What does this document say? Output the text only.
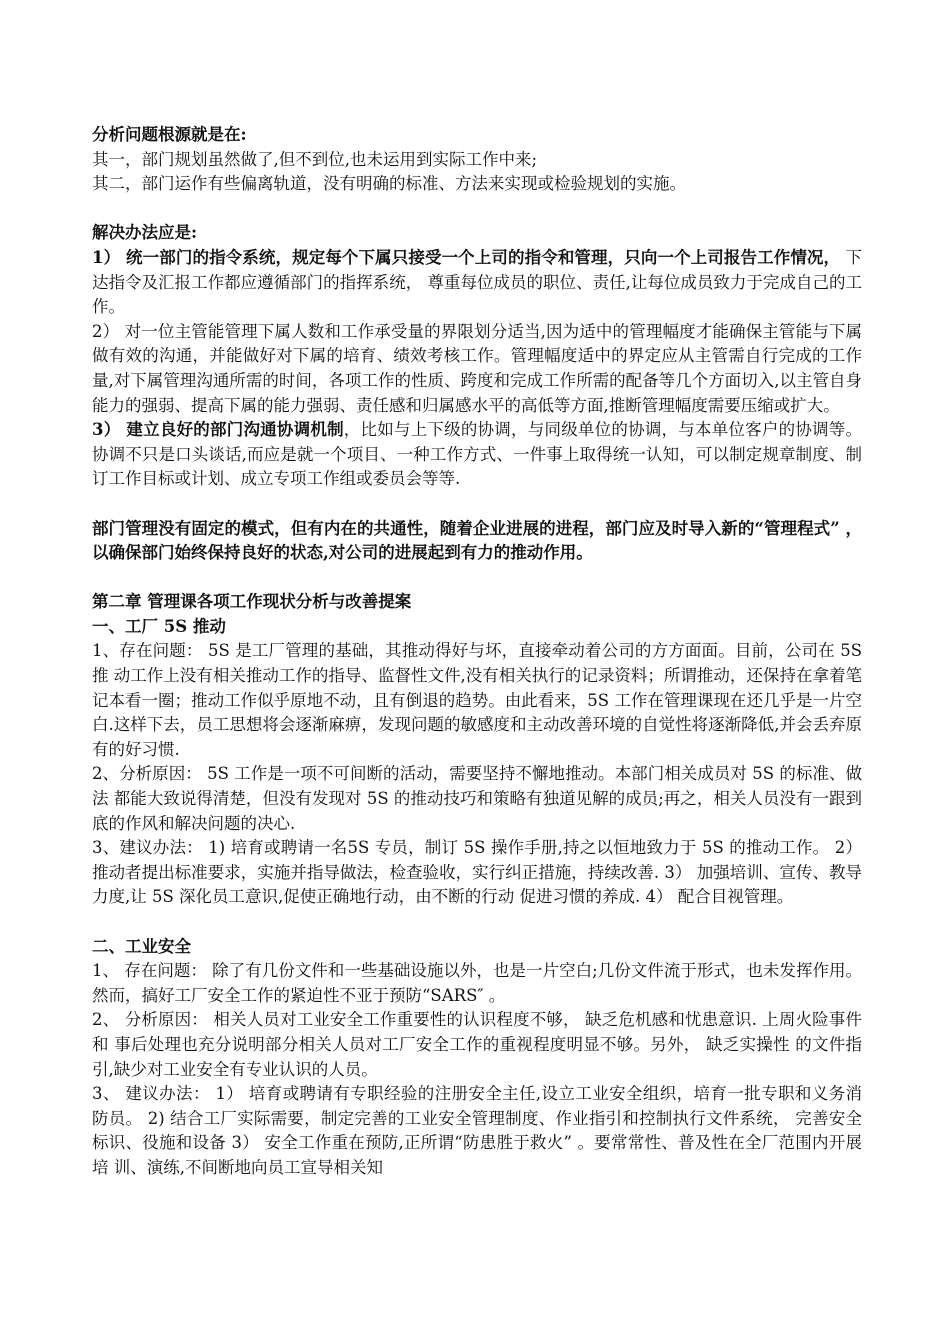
分析问题根源就是在:

其一，部门规划虽然做了,但不到位,也未运用到实际工作中来;

其二，部门运作有些偏离轨道，没有明确的标准、方法来实现或检验规划的实施。

解决办法应是:

1） 统一部门的指令系统，规定每个下属只接受一个上司的指令和管理，只向一个上司报告工作情况， 下达指令及汇报工作都应遵循部门的指挥系统， 尊重每位成员的职位、责任,让每位成员致力于完成自己的工作。

2） 对一位主管能管理下属人数和工作承受量的界限划分适当,因为适中的管理幅度才能确保主管能与下属做有效的沟通，并能做好对下属的培育、绩效考核工作。管理幅度适中的界定应从主管需自行完成的工作量,对下属管理沟通所需的时间，各项工作的性质、跨度和完成工作所需的配备等几个方面切入,以主管自身能力的强弱、提高下属的能力强弱、责任感和归属感水平的高低等方面,推断管理幅度需要压缩或扩大。

3） 建立良好的部门沟通协调机制，比如与上下级的协调，与同级单位的协调，与本单位客户的协调等。协调不只是口头谈话,而应是就一个项目、一种工作方式、一件事上取得统一认知，可以制定规章制度、制订工作目标或计划、成立专项工作组或委员会等等.

部门管理没有固定的模式，但有内在的共通性，随着企业进展的进程，部门应及时导入新的“管理程式” ，以确保部门始终保持良好的状态,对公司的进展起到有力的推动作用。

第二章 管理课各项工作现状分析与改善提案

一、工厂 5S 推动

1、存在问题： 5S 是工厂管理的基础，其推动得好与坏，直接牵动着公司的方方面面。目前，公司在 5S 推 动工作上没有相关推动工作的指导、监督性文件,没有相关执行的记录资料；所谓推动，还保持在拿着笔记本看一圈；推动工作似乎原地不动，且有倒退的趋势。由此看来，5S 工作在管理课现在还几乎是一片空白.这样下去，员工思想将会逐渐麻痹，发现问题的敏感度和主动改善环境的自觉性将逐渐降低,并会丢弃原有的好习惯.

2、分析原因： 5S 工作是一项不可间断的活动，需要坚持不懈地推动。本部门相关成员对 5S 的标准、做法 都能大致说得清楚，但没有发现对 5S 的推动技巧和策略有独道见解的成员;再之，相关人员没有一跟到底的作风和解决问题的决心.

3、建议办法： 1) 培育或聘请一名5S 专员，制订 5S 操作手册,持之以恒地致力于 5S 的推动工作。 2） 推动者提出标准要求，实施并指导做法，检查验收，实行纠正措施，持续改善. 3） 加强培训、宣传、教导力度,让 5S 深化员工意识,促使正确地行动，由不断的行动 促进习惯的养成. 4） 配合目视管理。

二、工业安全

1、 存在问题： 除了有几份文件和一些基础设施以外，也是一片空白;几份文件流于形式，也未发挥作用。 然而，搞好工厂安全工作的紧迫性不亚于预防“SARS″ 。

2、 分析原因： 相关人员对工业安全工作重要性的认识程度不够， 缺乏危机感和忧患意识. 上周火险事件和 事后处理也充分说明部分相关人员对工厂安全工作的重视程度明显不够。另外， 缺乏实操性 的文件指引,缺少对工业安全有专业认识的人员。

3、 建议办法： 1） 培育或聘请有专职经验的注册安全主任,设立工业安全组织，培育一批专职和义务消 防员。 2) 结合工厂实际需要，制定完善的工业安全管理制度、作业指引和控制执行文件系统， 完善安全标识、役施和设备 3） 安全工作重在预防,正所谓“防患胜于救火” 。要常常性、普及性在全厂范围内开展培 训、演练,不间断地向员工宣导相关知
